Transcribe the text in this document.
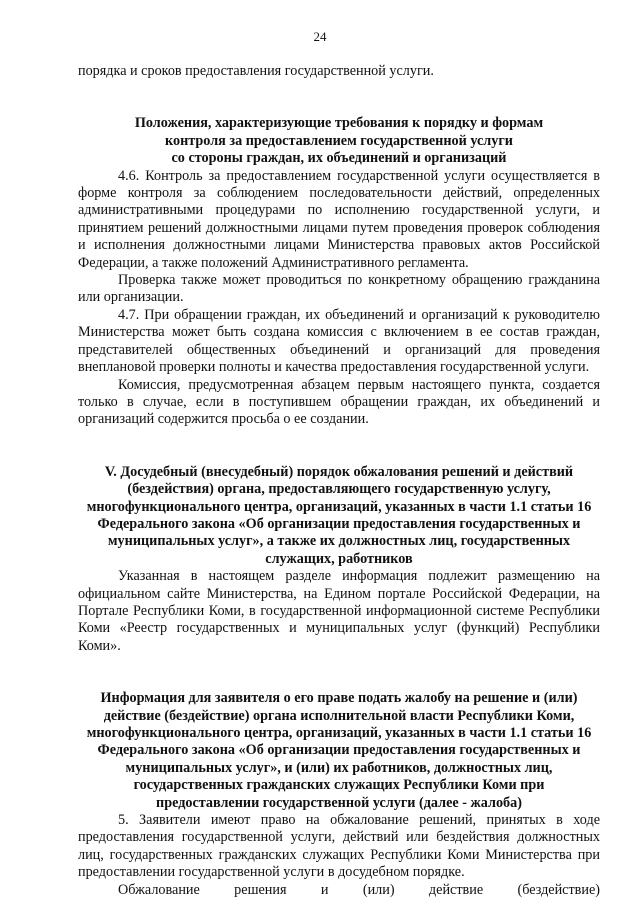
24

порядка и сроков предоставления государственной услуги.

Положения, характеризующие требования к порядку и формам

контроля за предоставлением государственной услуги

со стороны граждан, их объединений и организаций

4.6. Контроль за предоставлением государственной услуги осуществляется в форме контроля за соблюдением последовательности действий, определенных административными процедурами по исполнению государственной услуги, и принятием решений должностными лицами путем проведения проверок соблюдения и исполнения должностными лицами Министерства правовых актов Российской Федерации, а также положений Административного регламента.

Проверка также может проводиться по конкретному обращению гражданина или организации.

4.7. При обращении граждан, их объединений и организаций к руководителю Министерства может быть создана комиссия с включением в ее состав граждан, представителей общественных объединений и организаций для проведения внеплановой проверки полноты и качества предоставления государственной услуги.

Комиссия, предусмотренная абзацем первым настоящего пункта, создается только в случае, если в поступившем обращении граждан, их объединений и организаций содержится просьба о ее создании.

V. Досудебный (внесудебный) порядок обжалования решений и действий

(бездействия) органа, предоставляющего государственную услугу,

многофункционального центра, организаций, указанных в части 1.1 статьи 16

Федерального закона «Об организации предоставления государственных и

муниципальных услуг», а также их должностных лиц, государственных

служащих, работников

Указанная в настоящем разделе информация подлежит размещению на официальном сайте Министерства, на Едином портале Российской Федерации, на Портале Республики Коми, в государственной информационной системе Республики Коми «Реестр государственных и муниципальных услуг (функций) Республики Коми».

Информация для заявителя о его праве подать жалобу на решение и (или)

действие (бездействие) органа исполнительной власти Республики Коми,

многофункционального центра, организаций, указанных в части 1.1 статьи 16

Федерального закона «Об организации предоставления государственных и

муниципальных услуг», и (или) их работников, должностных лиц,

государственных гражданских служащих Республики Коми при

предоставлении государственной услуги (далее - жалоба)

5. Заявители имеют право на обжалование решений, принятых в ходе предоставления государственной услуги, действий или бездействия должностных лиц, государственных гражданских служащих Республики Коми Министерства при предоставлении государственной услуги в досудебном порядке.

Обжалование решения и (или) действие (бездействие)
